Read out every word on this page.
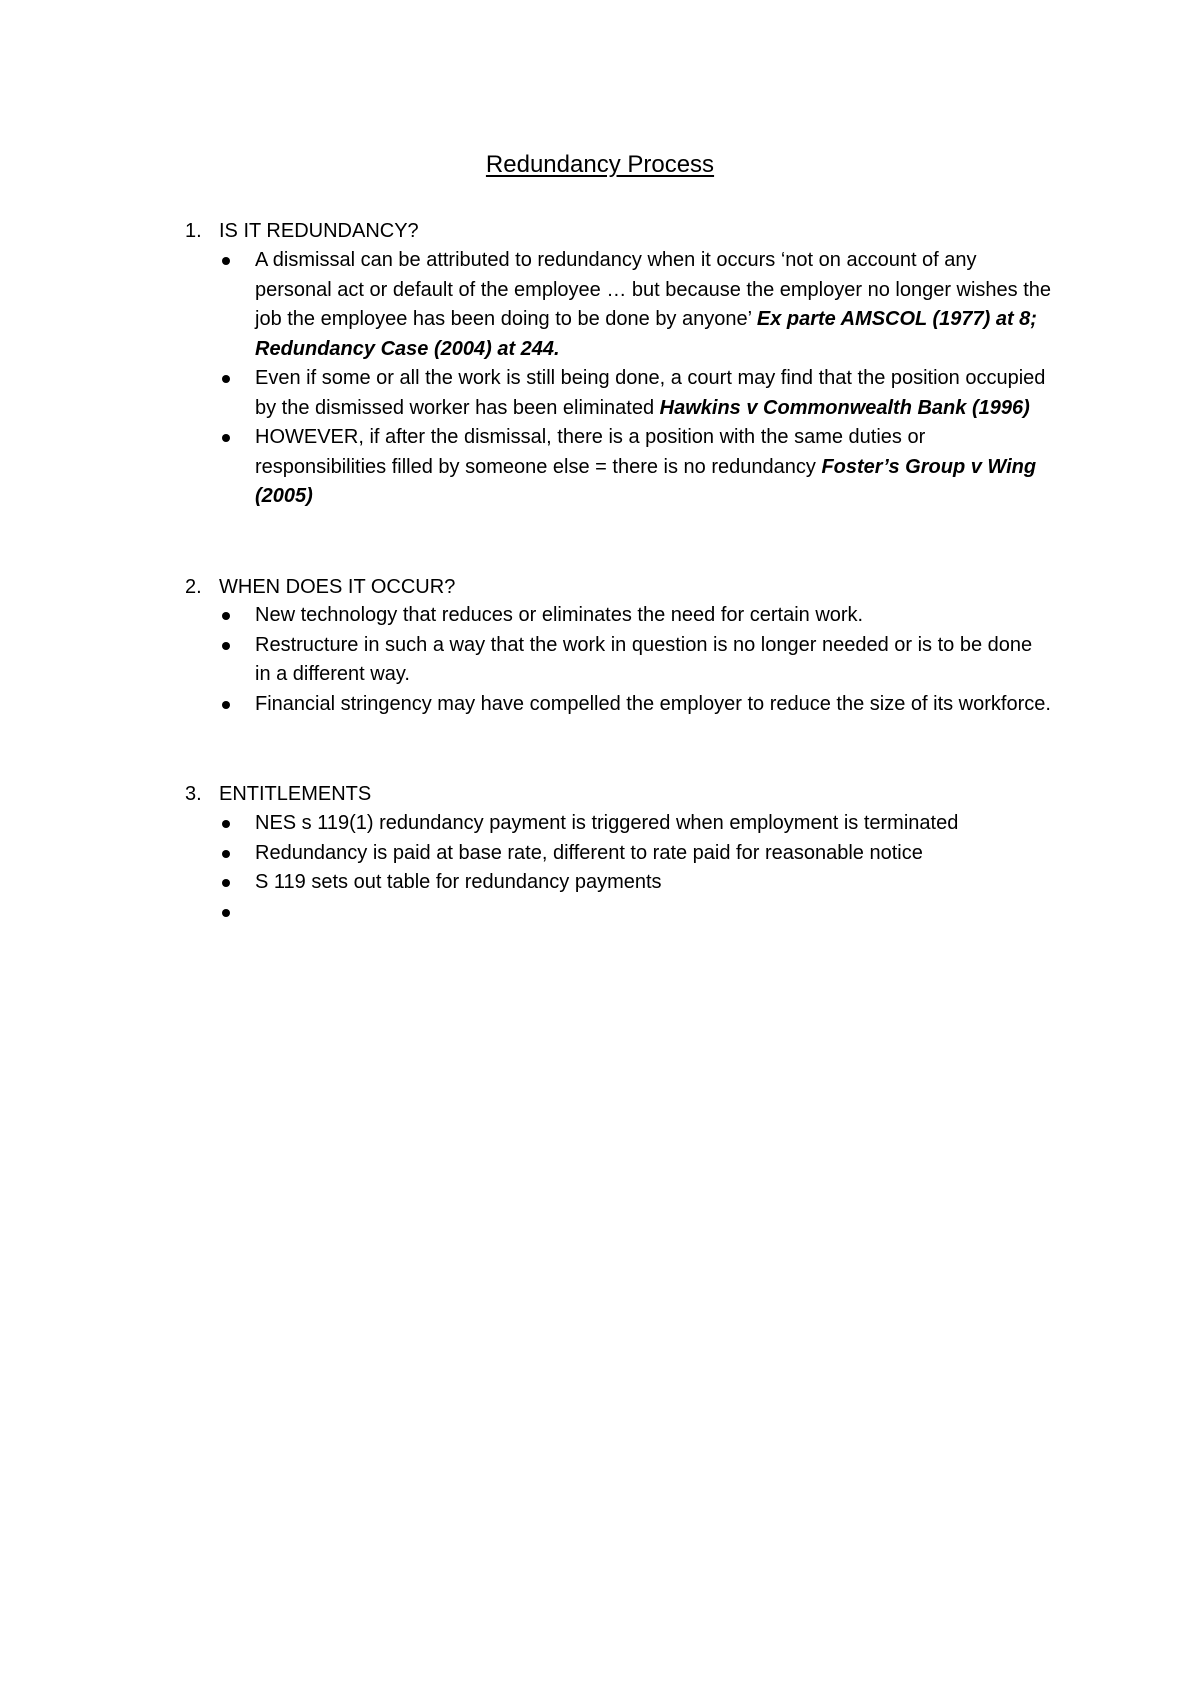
Redundancy Process
1. IS IT REDUNDANCY?
A dismissal can be attributed to redundancy when it occurs ‘not on account of any personal act or default of the employee … but because the employer no longer wishes the job the employee has been doing to be done by anyone’ Ex parte AMSCOL (1977) at 8; Redundancy Case (2004) at 244.
Even if some or all the work is still being done, a court may find that the position occupied by the dismissed worker has been eliminated Hawkins v Commonwealth Bank (1996)
HOWEVER, if after the dismissal, there is a position with the same duties or responsibilities filled by someone else = there is no redundancy Foster’s Group v Wing (2005)
2. WHEN DOES IT OCCUR?
New technology that reduces or eliminates the need for certain work.
Restructure in such a way that the work in question is no longer needed or is to be done in a different way.
Financial stringency may have compelled the employer to reduce the size of its workforce.
3. ENTITLEMENTS
NES s 119(1) redundancy payment is triggered when employment is terminated
Redundancy is paid at base rate, different to rate paid for reasonable notice
S 119 sets out table for redundancy payments
